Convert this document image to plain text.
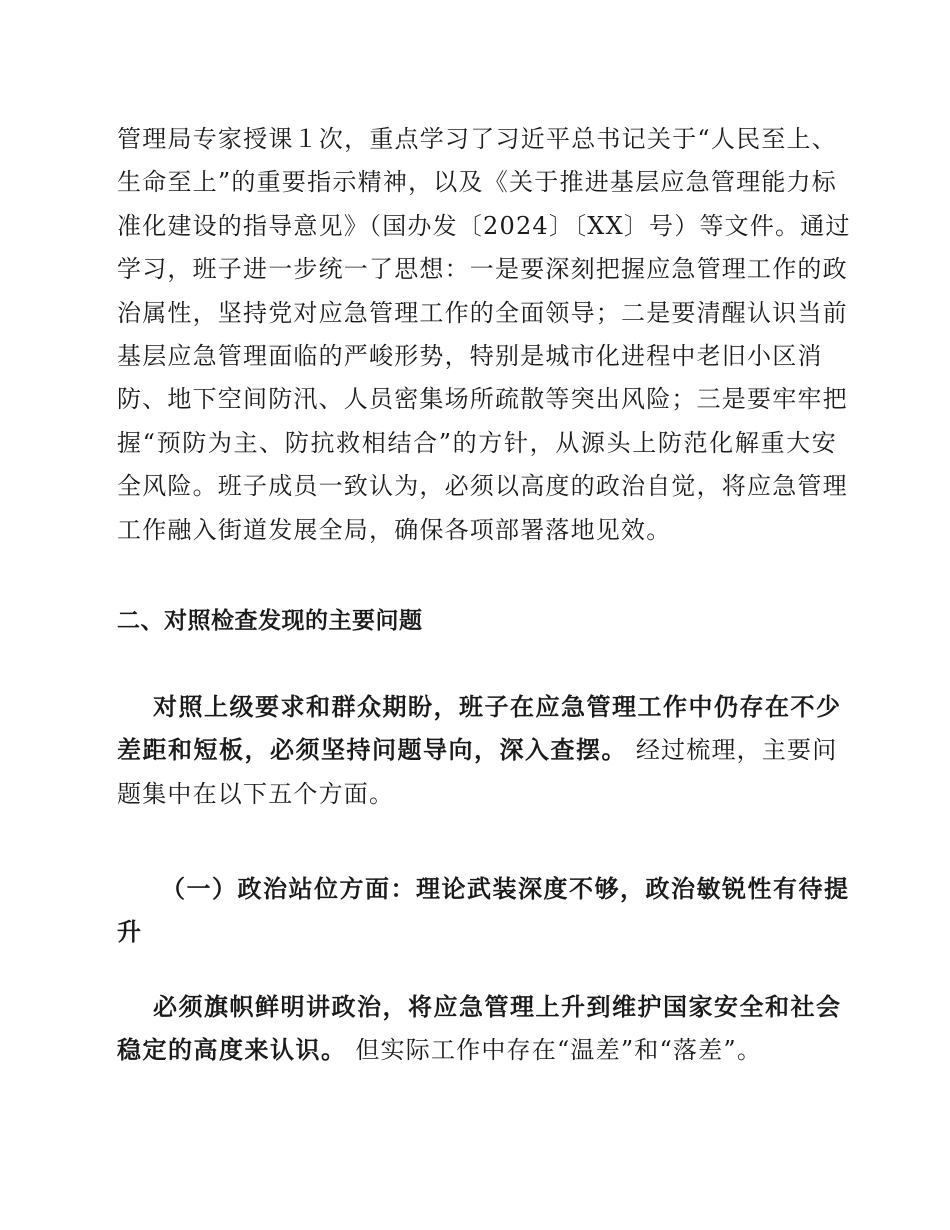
管理局专家授课１次，重点学习了习近平总书记关于“人民至上、
生命至上”的重要指示精神，以及《关于推进基层应急管理能力标
准化建设的指导意见》（国办发〔2024〕〔XX〕号）等文件。通过
学习，班子进一步统一了思想：一是要深刻把握应急管理工作的政
治属性，坚持党对应急管理工作的全面领导；二是要清醒认识当前
基层应急管理面临的严峻形势，特别是城市化进程中老旧小区消
防、地下空间防汛、人员密集场所疏散等突出风险；三是要牢牢把
握“预防为主、防抗救相结合”的方针，从源头上防范化解重大安
全风险。班子成员一致认为，必须以高度的政治自觉，将应急管理
工作融入街道发展全局，确保各项部署落地见效。
二、对照检查发现的主要问题
对照上级要求和群众期盼，班子在应急管理工作中仍存在不少
差距和短板，必须坚持问题导向，深入查摆。 经过梳理，主要问
题集中在以下五个方面。
（一）政治站位方面：理论武装深度不够，政治敏锐性有待提
升
必须旗帜鲜明讲政治，将应急管理上升到维护国家安全和社会
稳定的高度来认识。 但实际工作中存在“温差”和“落差”。
